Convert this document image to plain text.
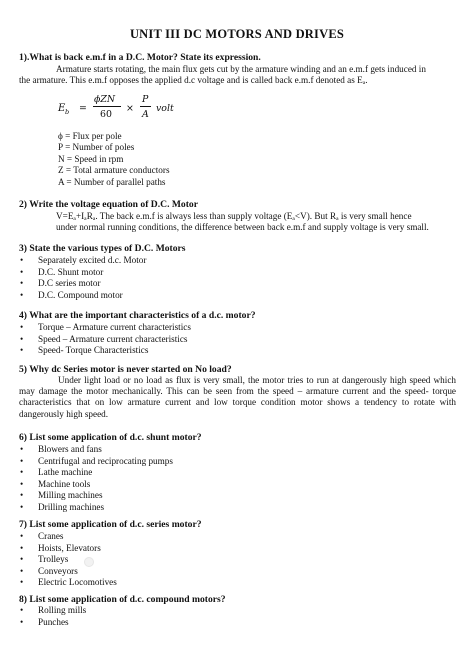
UNIT III DC MOTORS AND DRIVES
1).What is back e.m.f in a D.C. Motor? State its expression.
Armature starts rotating, the main flux gets cut by the armature winding and an e.m.f gets induced in
the armature. This e.m.f opposes the applied d.c voltage and is called back e.m.f denoted as Eₐ.
E b =
ϕZN
60
×
P
A
volt
ϕ = Flux per pole
P = Number of poles
N = Speed in rpm
Z = Total armature conductors
A = Number of parallel paths
2) Write the voltage equation of D.C. Motor
V=Eₐ+IₐRₐ. The back e.m.f is always less than supply voltage (Eₐ<V). But Rₐ is very small hence
under normal running conditions, the difference between back e.m.f and supply voltage is very small.
3) State the various types of D.C. Motors
• Separately excited d.c. Motor
• D.C. Shunt motor
• D.C series motor
• D.C. Compound motor
4) What are the important characteristics of a d.c. motor?
• Torque – Armature current characteristics
• Speed – Armature current characteristics
• Speed- Torque Characteristics
5) Why dc Series motor is never started on No load?
Under light load or no load as flux is very small, the motor tries to run at dangerously high speed which may damage the motor mechanically. This can be seen from the speed – armature current and the speed- torque characteristics that on low armature current and low torque condition motor shows a tendency to rotate with dangerously high speed.
6) List some application of d.c. shunt motor?
• Blowers and fans
• Centrifugal and reciprocating pumps
• Lathe machine
• Machine tools
• Milling machines
• Drilling machines
7) List some application of d.c. series motor?
• Cranes
• Hoists, Elevators
• Trolleys
• Conveyors
• Electric Locomotives
8) List some application of d.c. compound motors?
• Rolling mills
• Punches
